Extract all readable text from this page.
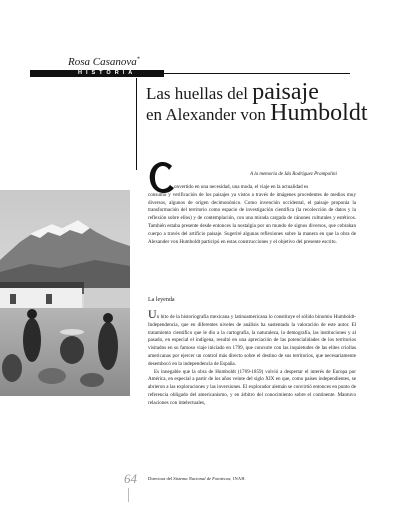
Rosa Casanova*
HISTORIA
Las huellas del paisaje
en Alexander von Humboldt
A la memoria de Ida Rodríguez Prampolini
onvertido en una necesidad, una moda, el viaje en la actualidad es
consumo y verificación de los paisajes ya vistos a través de imágenes procedentes de medios muy diversos, algunos de origen decimonónico. Como invención occidental, el paisaje proponía la transformación del territorio como espacio de investigación científica (la recolección de datos y la reflexión sobre ellos) y de contemplación, con una mirada cargada de cánones culturales y estéticos. También estaba presente desde entonces la nostalgia por un mundo de signos diversos, que cobraban cuerpo a través del artificio paisaje. Sugeriré algunas reflexiones sobre la manera en que la obra de Alexander von Humboldt participó en estas construcciones y el objetivo del presente escrito.
La leyenda
Un hito de la historiografía mexicana y latinoamericana lo constituye el sólido binomio Humboldt-Independencia, que en diferentes niveles de análisis ha sustentado la valoración de este autor. El tratamiento científico que le dio a la cartografía, la naturaleza, la demografía, las instituciones y al pasado, en especial el indígena, resultó en una apreciación de las potencialidades de los territorios visitados en su famoso viaje iniciado en 1799, que concurre con las inquietudes de las elites criollas americanas por ejercer un control más directo sobre el destino de sus territorios, que necesariamente desembocó en la independencia de España.
Es innegable que la obra de Humboldt (1769-1859) volvió a despertar el interés de Europa por América, en especial a partir de los años veinte del siglo XIX en que, como países independientes, se abrieron a las exploraciones y las inversiones. El explorador alemán se convirtió entonces en punto de referencia obligado del americanismo, y en árbitro del conocimiento sobre el continente. Mantuvo relaciones con intelectuales,
64 Directora del Sistema Nacional de Fototecas, INAH.
